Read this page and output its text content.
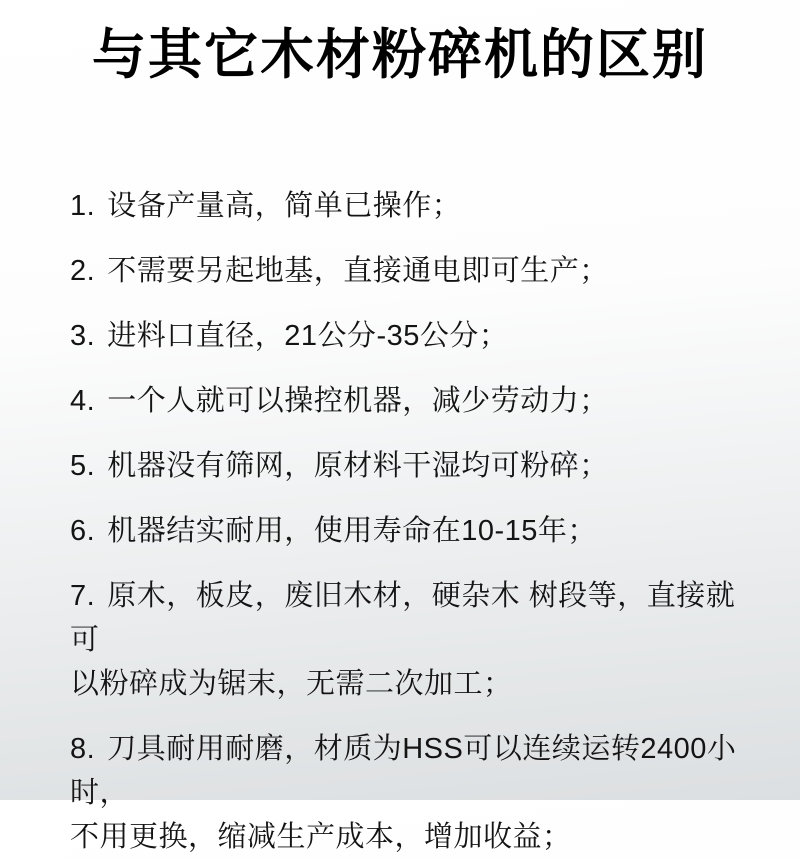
与其它木材粉碎机的区别
1. 设备产量高，简单已操作；
2. 不需要另起地基，直接通电即可生产；
3. 进料口直径，21公分-35公分；
4. 一个人就可以操控机器，减少劳动力；
5. 机器没有筛网，原材料干湿均可粉碎；
6. 机器结实耐用，使用寿命在10-15年；
7. 原木，板皮，废旧木材，硬杂木 树段等，直接就可
以粉碎成为锯末，无需二次加工；
8. 刀具耐用耐磨，材质为HSS可以连续运转2400小时，
不用更换，缩减生产成本，增加收益；
